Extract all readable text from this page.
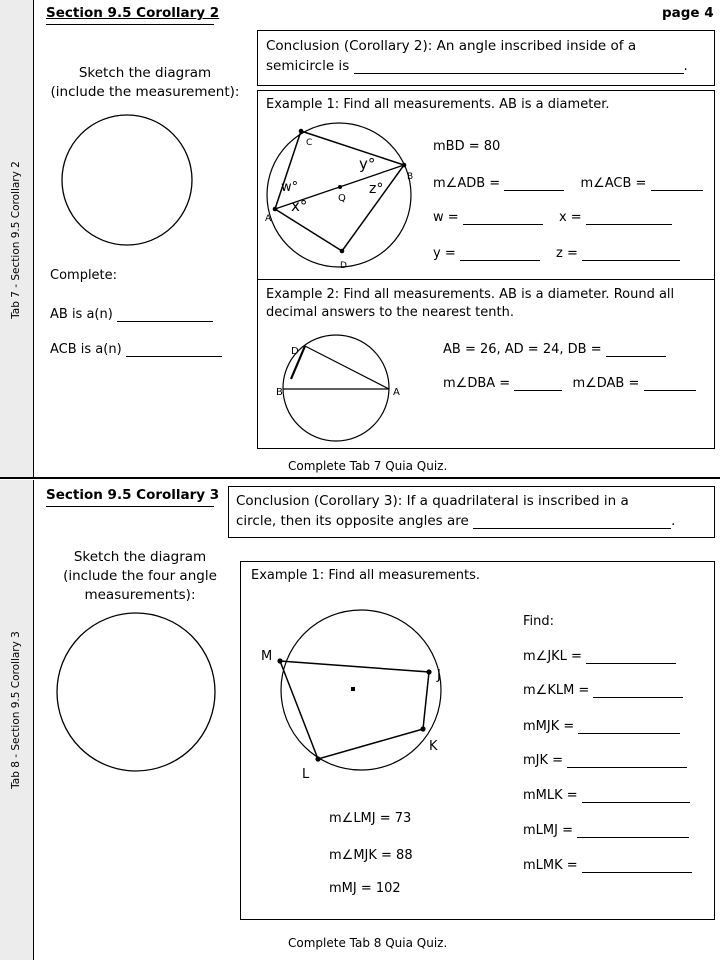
Tab 7 - Section 9.5 Corollary 2
Tab 8 - Section 9.5 Corollary 3
Section 9.5 Corollary 2	page 4
Conclusion (Corollary 2): An angle inscribed inside of a
semicircle is	.
Sketch the diagram
(include the measurement):
Complete:
AB is a(n)
ACB is a(n)
Example 1: Find all measurements. AB is a diameter.
C
B
A
D
Q
y°
w°	z°
x°
mBD = 80
m∠ADB =	m∠ACB =
w =	x =
y =	z =
Example 2: Find all measurements. AB is a diameter. Round all
decimal answers to the nearest tenth.
D
B	A
AB = 26, AD = 24, DB =
m∠DBA =	m∠DAB =
Complete Tab 7 Quia Quiz.
Section 9.5 Corollary 3 Conclusion (Corollary 3): If a quadrilateral is inscribed in a
circle, then its opposite angles are	.
Sketch the diagram
(include the four angle
measurements):
Example 1: Find all measurements.
M
J
K
L
m∠LMJ = 73
m∠MJK = 88
mMJ = 102
Find:
m∠JKL =
m∠KLM =
mMJK =
mJK =
mMLK =
mLMJ =
mLMK =
Complete Tab 8 Quia Quiz.
